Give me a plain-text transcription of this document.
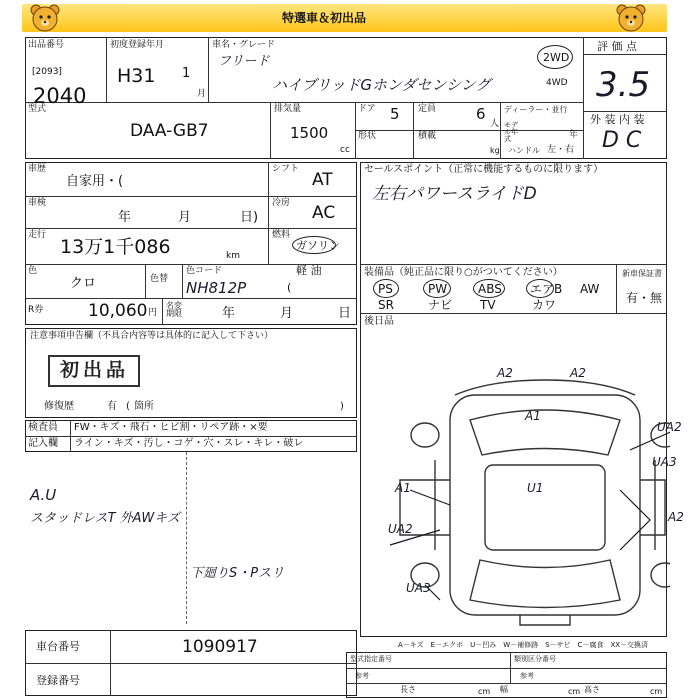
特選車＆初出品
出品番号
[2093]
2040
初度登録年月
H31 1
月
車名・グレード
フリード
ハイブリッドGホンダセンシング
2WD
4WD
評 価 点
3.5
型式
DAA-GB7
排気量
1500
cc
ドア 5 定員	6
人
ディーラー・並行
モデル年式	年
形状	積載
kg ハンドル 左・右
外 装 内 装
D C
車歴
自家用・(
シフト
AT
車検
年	月	日)
冷房 AC
走行
13万1千086	km
燃料
ガソリン
軽 油
(
色
クロ	色替
色コード
NH812P
R券	10,060 円
名変期限	年	月	日
セールスポイント（正常に機能するものに限ります）
左右パワースライドD
装備品（純正品に限り○がついてください）
PS	PW	ABS エアB AW
SR	ナビ TV	カワ
新車保証書
有・無
後日品
A2	A2
A1
UA2
UA3
A1	U1
A2
UA2
UA3
A－キズ　E－エクボ　U－凹み　W－補修跡　S－サビ　C－腐食　XX－交換済
注意事項申告欄（不具合内容等は具体的に記入して下さい）
初出品
修復歴	有 ( 箇所	)
検査員
記入欄
FW・キズ・飛石・ヒビ割・リペア跡・×要
ライン・キズ・汚し・コゲ・穴・スレ・キレ・破レ
A.U
スタッドレスT 外AWキズ
下廻りS・Pスリ
車台番号	1090917
登録番号
型式指定番号	類別区分番号
参考	参考
長さ	cm 幅	cm 高さ	cm
